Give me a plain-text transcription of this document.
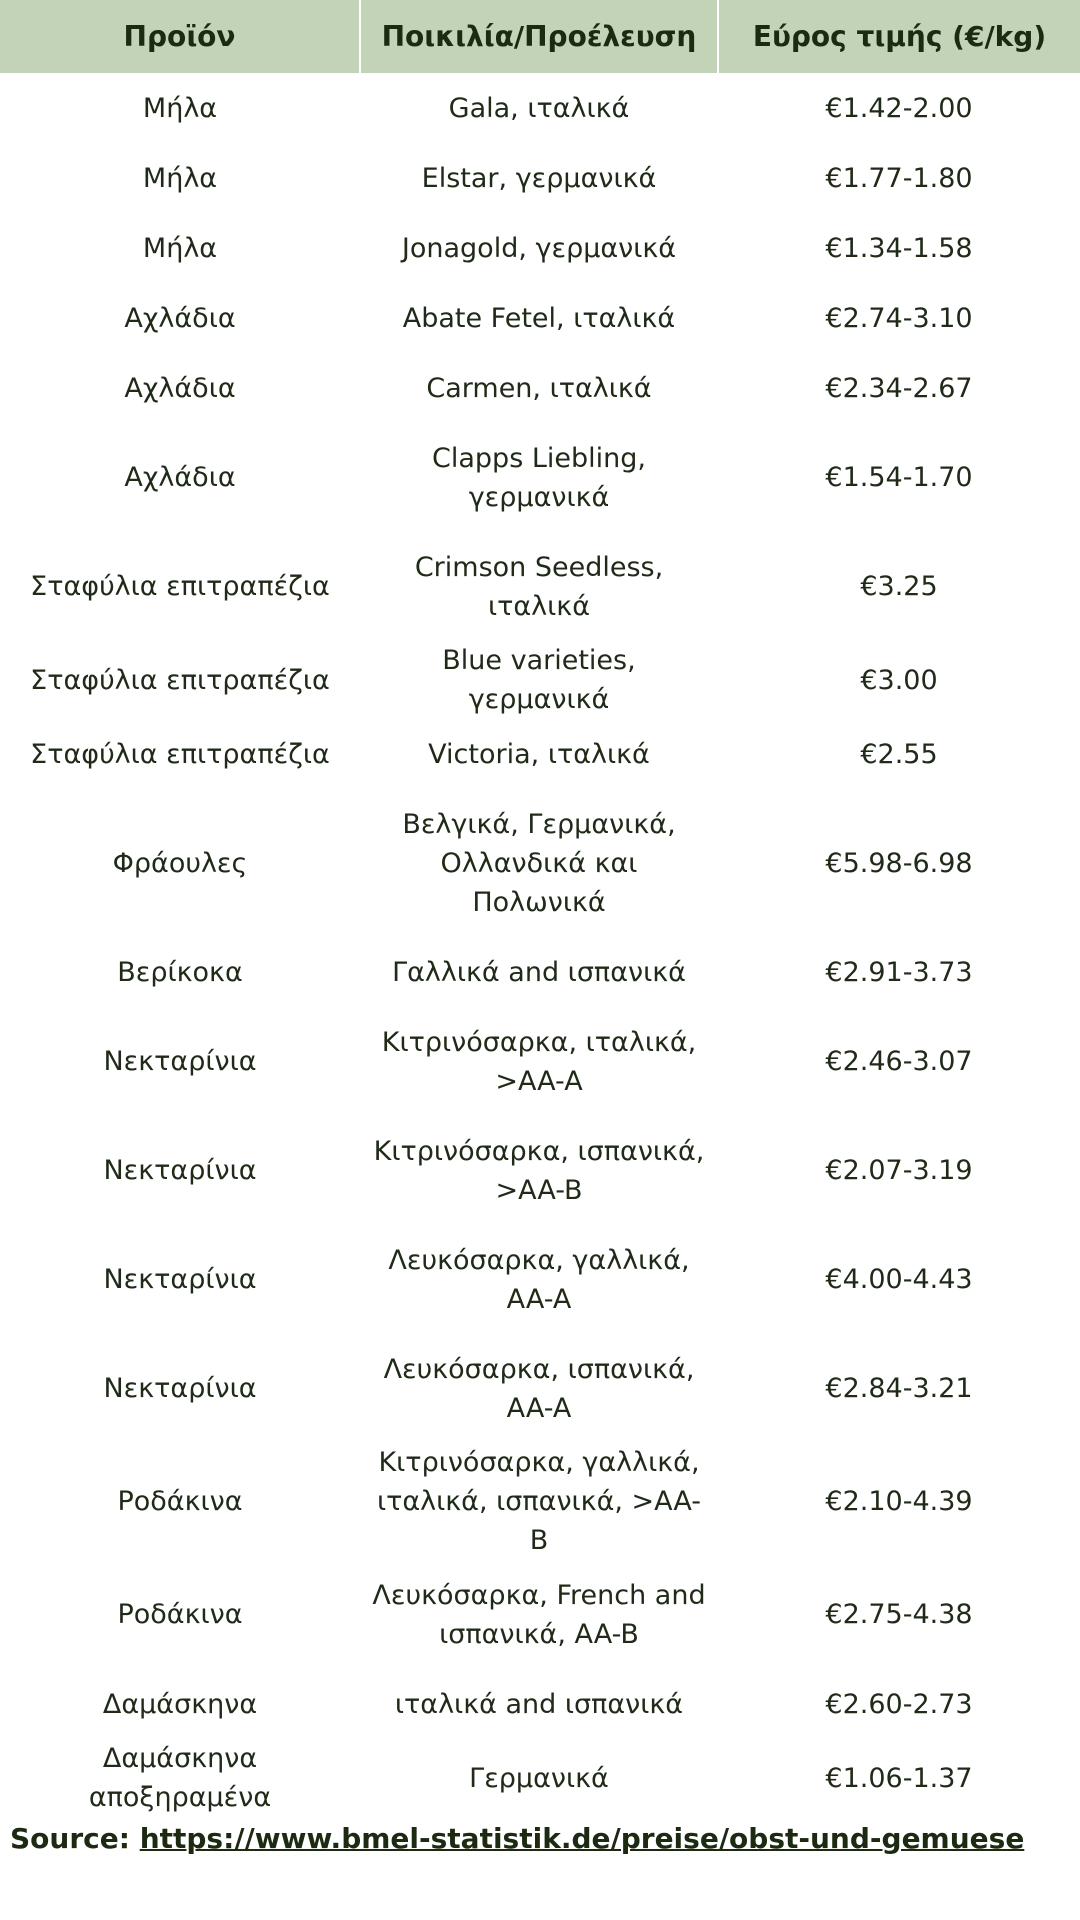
Προϊόν	Ποικιλία/Προέλευση	Εύρος τιμής (€/kg)
Μήλα	Gala, ιταλικά	€1.42-2.00
Μήλα	Elstar, γερμανικά	€1.77-1.80
Μήλα	Jonagold, γερμανικά	€1.34-1.58
Αχλάδια	Abate Fetel, ιταλικά	€2.74-3.10
Αχλάδια	Carmen, ιταλικά	€2.34-2.67
Αχλάδια	Clapps Liebling, γερμανικά	€1.54-1.70
Σταφύλια επιτραπέζια	Crimson Seedless, ιταλικά	€3.25
Σταφύλια επιτραπέζια	Blue varieties, γερμανικά	€3.00
Σταφύλια επιτραπέζια	Victoria, ιταλικά	€2.55
Φράουλες	Βελγικά, Γερμανικά, Ολλανδικά και Πολωνικά	€5.98-6.98
Βερίκοκα	Γαλλικά and ισπανικά	€2.91-3.73
Νεκταρίνια	Κιτρινόσαρκα, ιταλικά, >AA-A	€2.46-3.07
Νεκταρίνια	Κιτρινόσαρκα, ισπανικά, >AA-B	€2.07-3.19
Νεκταρίνια	Λευκόσαρκα, γαλλικά, AA-A	€4.00-4.43
Νεκταρίνια	Λευκόσαρκα, ισπανικά, AA-A	€2.84-3.21
Ροδάκινα	Κιτρινόσαρκα, γαλλικά, ιταλικά, ισπανικά, >AA-B	€2.10-4.39
Ροδάκινα	Λευκόσαρκα, French and ισπανικά, AA-B	€2.75-4.38
Δαμάσκηνα	ιταλικά and ισπανικά	€2.60-2.73
Δαμάσκηνα αποξηραμένα	Γερμανικά	€1.06-1.37
Source: https://www.bmel-statistik.de/preise/obst-und-gemuese
